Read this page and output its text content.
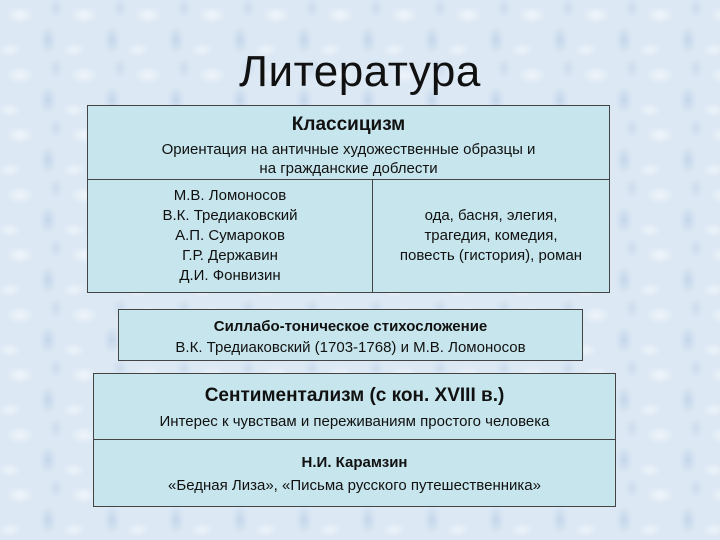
Литература
Классицизм
Ориентация на античные художественные образцы и
на гражданские доблести
М.В. Ломоносов
В.К. Тредиаковский
А.П. Сумароков
Г.Р. Державин
Д.И. Фонвизин
ода, басня, элегия,
трагедия, комедия,
повесть (гистория), роман
Силлабо-тоническое стихосложение
В.К. Тредиаковский (1703-1768) и М.В. Ломоносов
Сентиментализм (с кон. XVIII в.)
Интерес к чувствам и переживаниям простого человека
Н.И. Карамзин
«Бедная Лиза», «Письма русского путешественника»
